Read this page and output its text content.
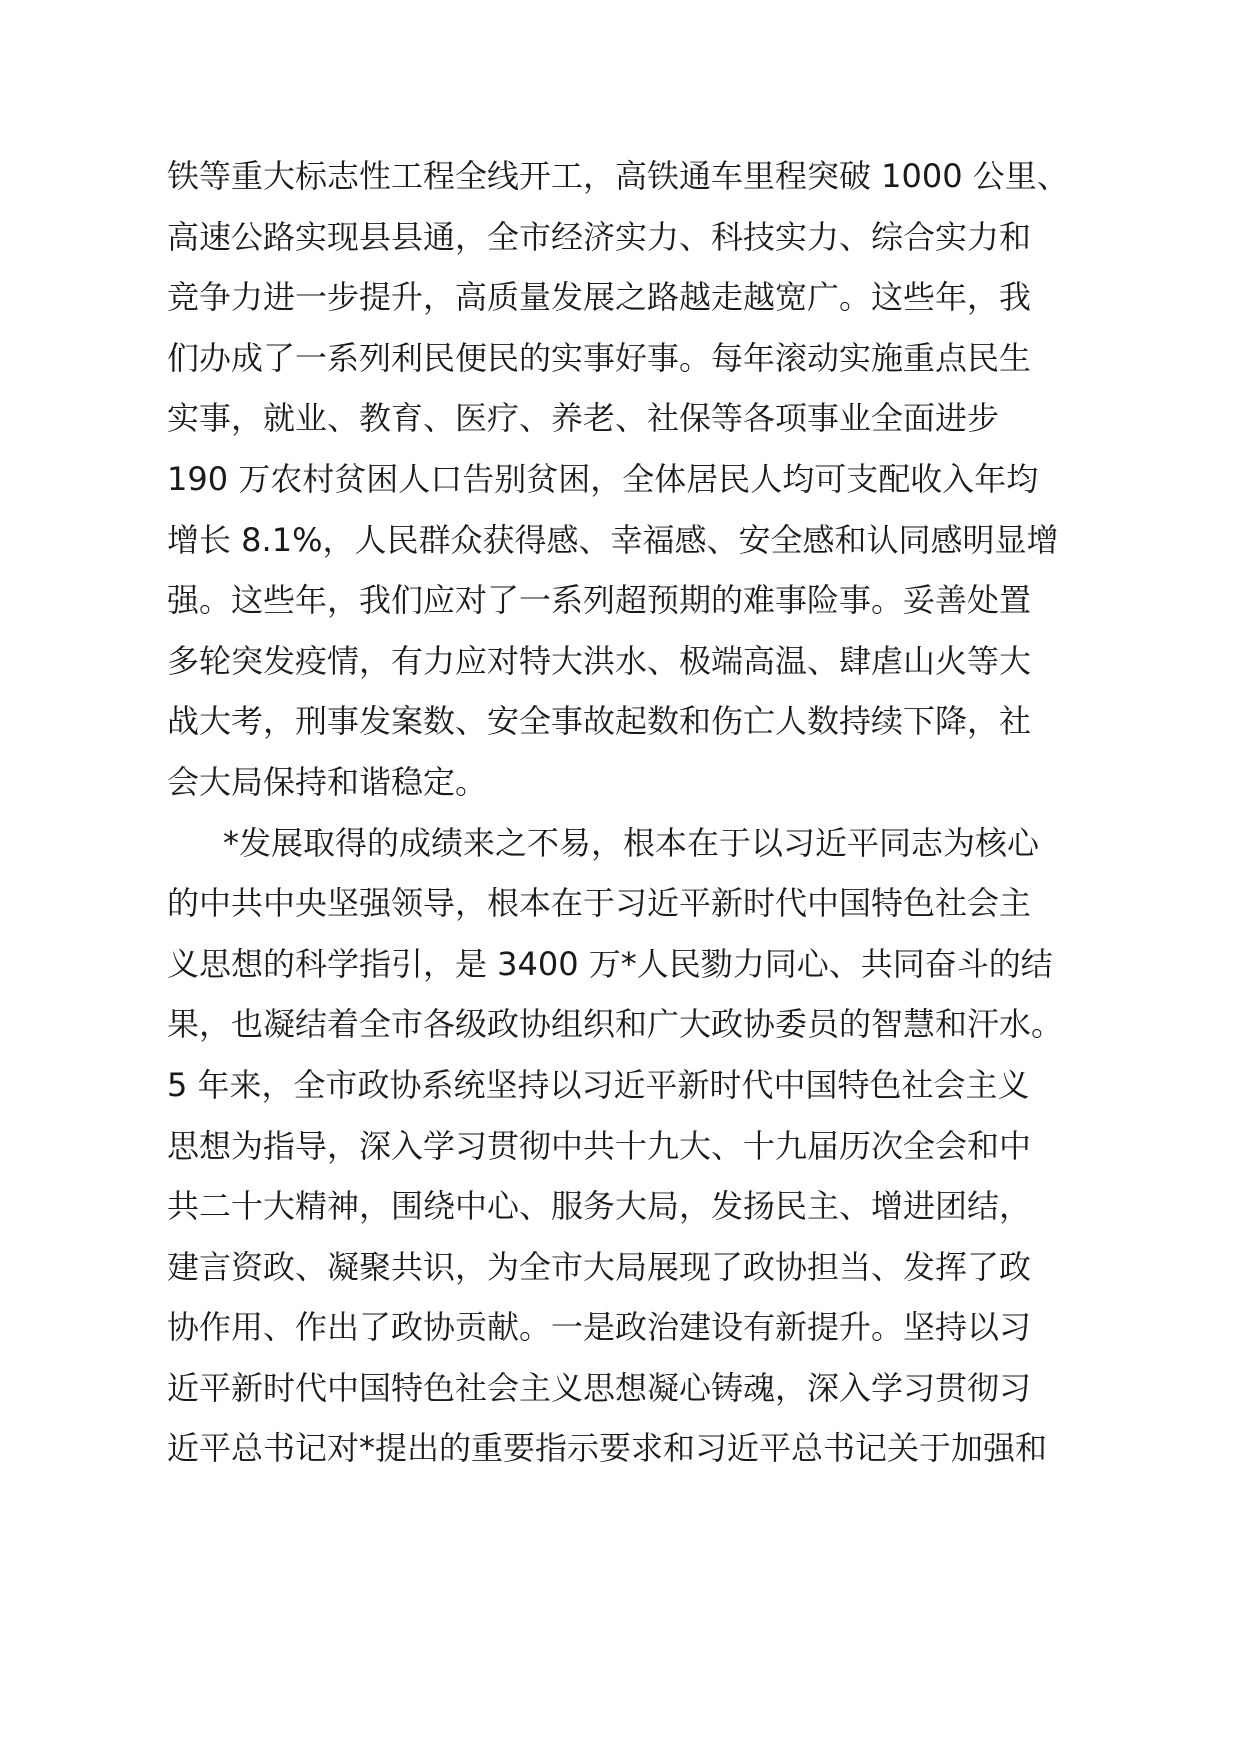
铁等重大标志性工程全线开工，高铁通车里程突破 1000 公里、
高速公路实现县县通，全市经济实力、科技实力、综合实力和
竞争力进一步提升，高质量发展之路越走越宽广。这些年，我
们办成了一系列利民便民的实事好事。每年滚动实施重点民生
实事，就业、教育、医疗、养老、社保等各项事业全面进步
190 万农村贫困人口告别贫困，全体居民人均可支配收入年均
增长 8.1%，人民群众获得感、幸福感、安全感和认同感明显增
强。这些年，我们应对了一系列超预期的难事险事。妥善处置
多轮突发疫情，有力应对特大洪水、极端高温、肆虐山火等大
战大考，刑事发案数、安全事故起数和伤亡人数持续下降，社
会大局保持和谐稳定。
*发展取得的成绩来之不易，根本在于以习近平同志为核心
的中共中央坚强领导，根本在于习近平新时代中国特色社会主
义思想的科学指引，是 3400 万*人民勠力同心、共同奋斗的结
果，也凝结着全市各级政协组织和广大政协委员的智慧和汗水。
5 年来，全市政协系统坚持以习近平新时代中国特色社会主义
思想为指导，深入学习贯彻中共十九大、十九届历次全会和中
共二十大精神，围绕中心、服务大局，发扬民主、增进团结，
建言资政、凝聚共识，为全市大局展现了政协担当、发挥了政
协作用、作出了政协贡献。一是政治建设有新提升。坚持以习
近平新时代中国特色社会主义思想凝心铸魂，深入学习贯彻习
近平总书记对*提出的重要指示要求和习近平总书记关于加强和
